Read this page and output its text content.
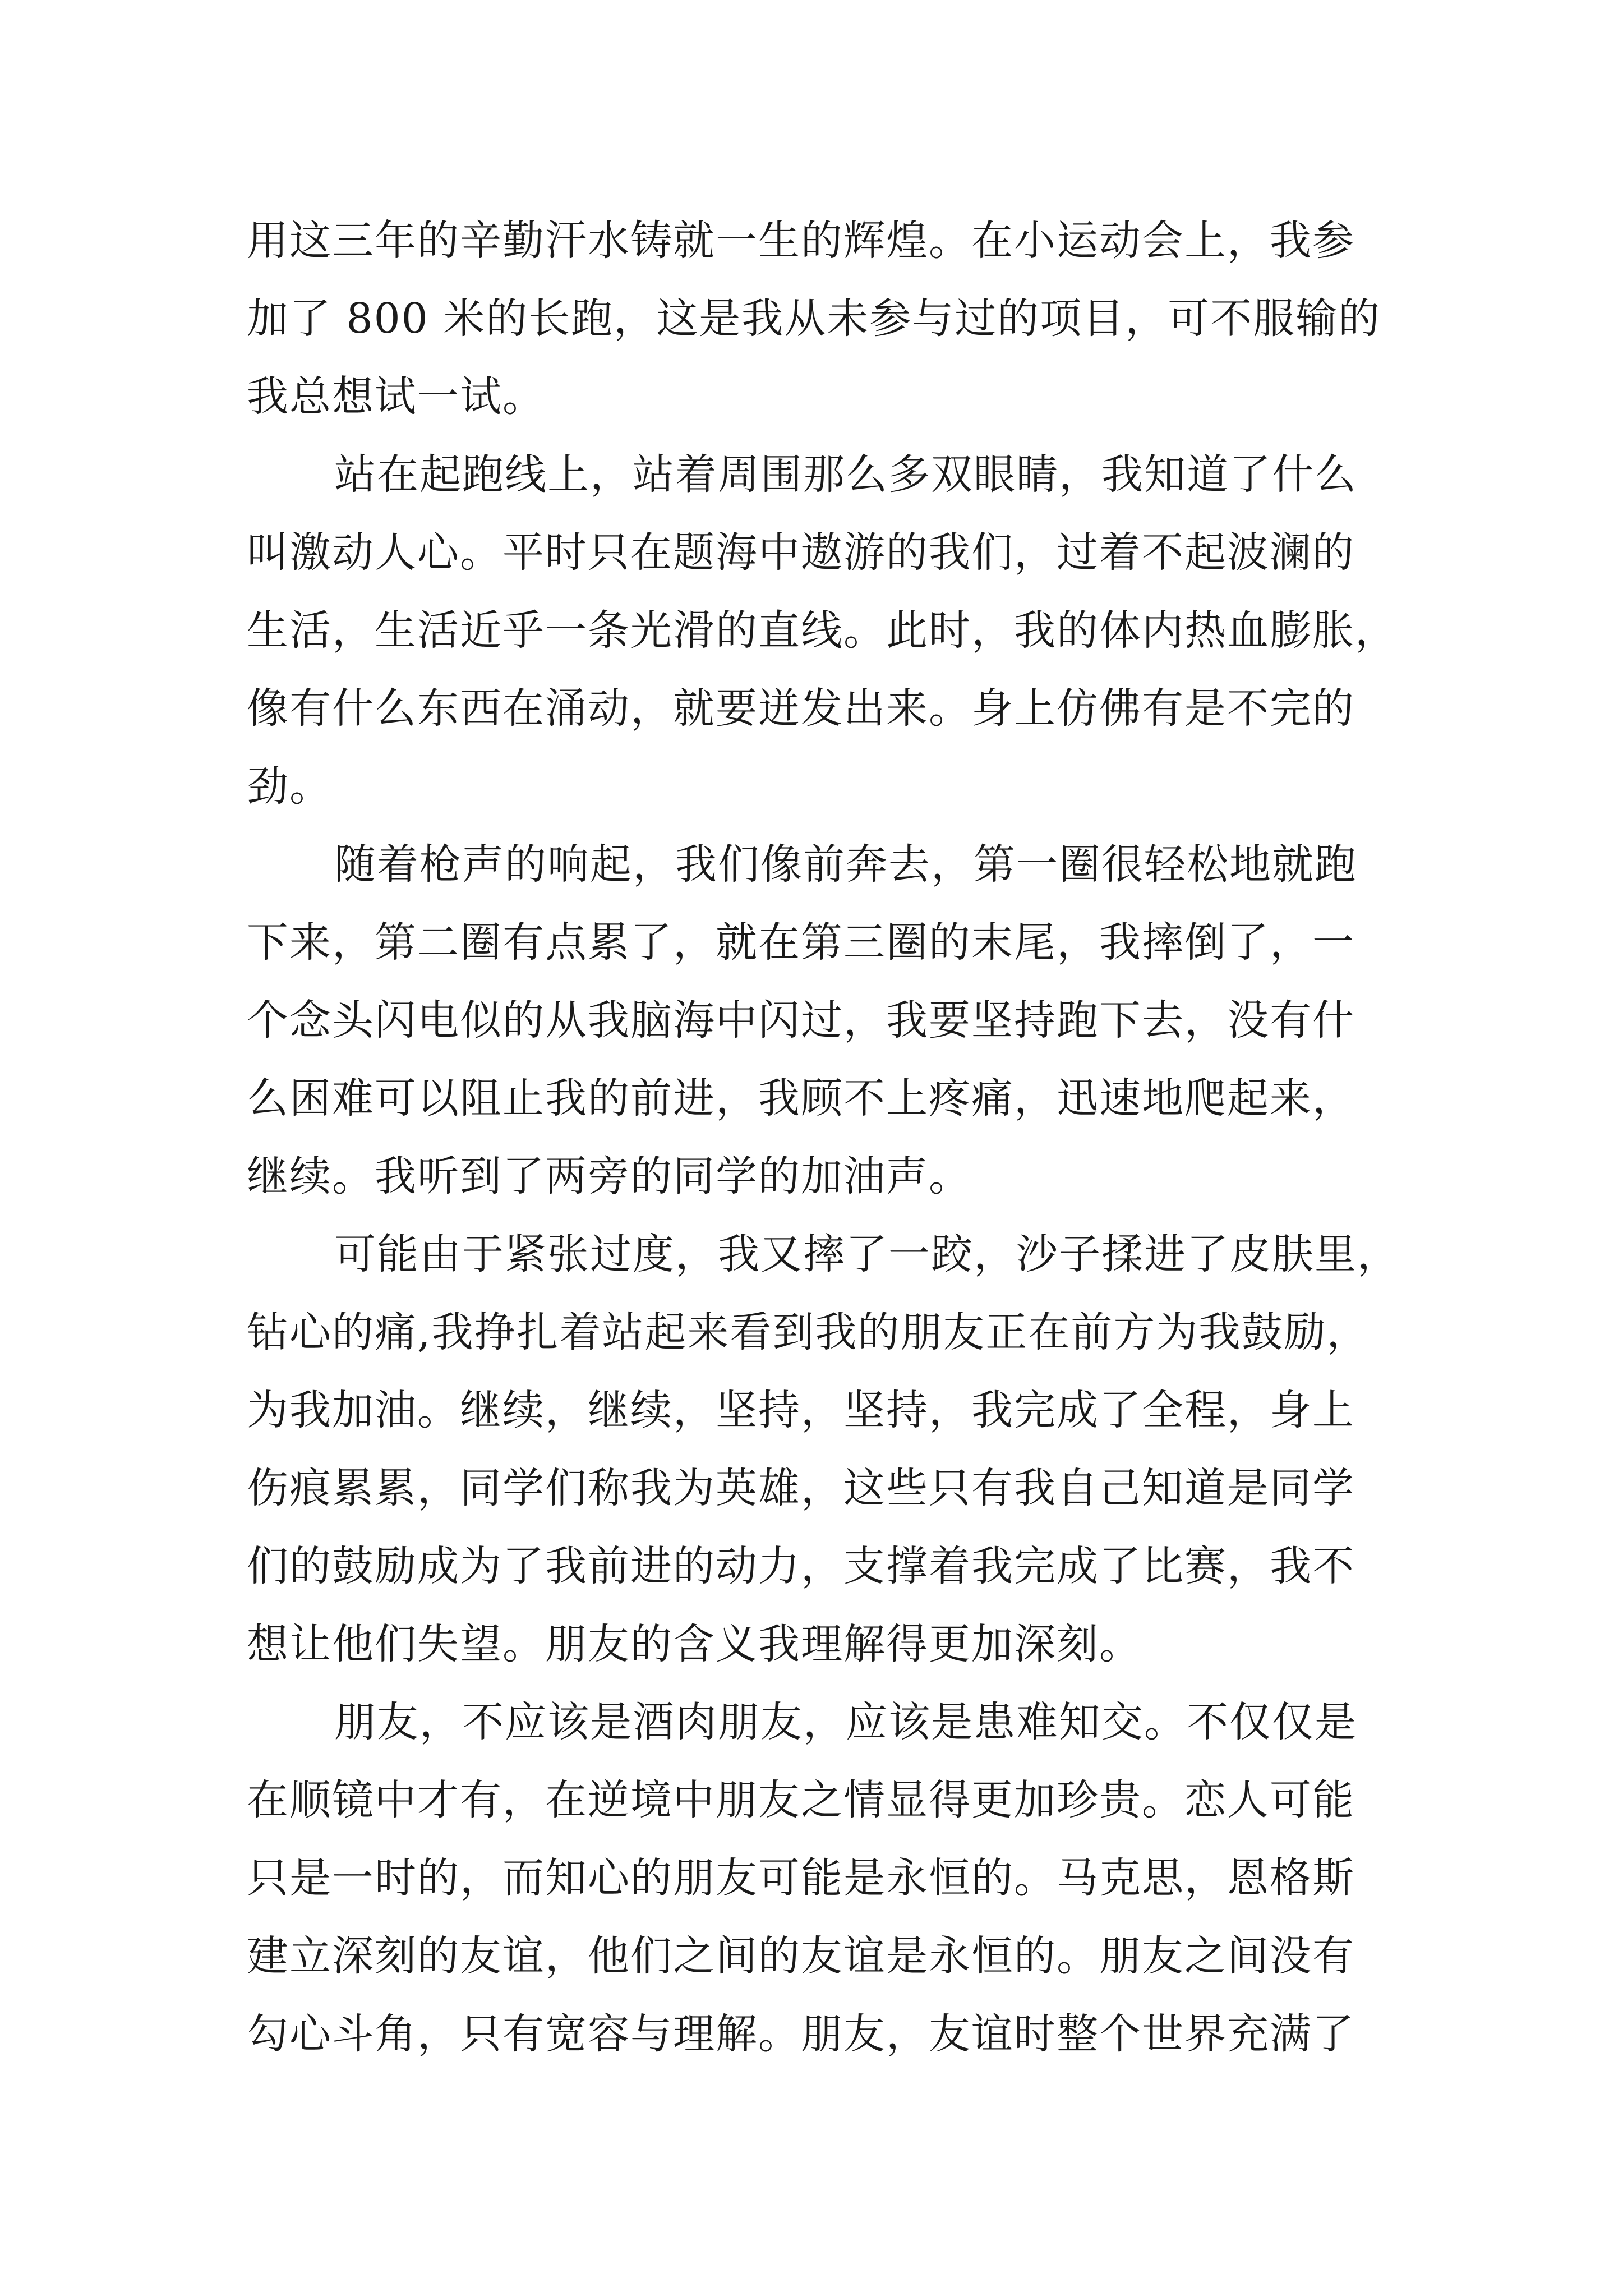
用这三年的辛勤汗水铸就一生的辉煌。在小运动会上，我参
加了 800 米的长跑，这是我从未参与过的项目，可不服输的
我总想试一试。
站在起跑线上，站着周围那么多双眼睛，我知道了什么
叫激动人心。平时只在题海中遨游的我们，过着不起波澜的
生活，生活近乎一条光滑的直线。此时，我的体内热血膨胀，
像有什么东西在涌动，就要迸发出来。身上仿佛有是不完的
劲。
随着枪声的响起，我们像前奔去，第一圈很轻松地就跑
下来，第二圈有点累了，就在第三圈的末尾，我摔倒了，一
个念头闪电似的从我脑海中闪过，我要坚持跑下去，没有什
么困难可以阻止我的前进，我顾不上疼痛，迅速地爬起来，
继续。我听到了两旁的同学的加油声。
可能由于紧张过度，我又摔了一跤，沙子揉进了皮肤里，
钻心的痛,我挣扎着站起来看到我的朋友正在前方为我鼓励，
为我加油。继续，继续，坚持，坚持，我完成了全程，身上
伤痕累累，同学们称我为英雄，这些只有我自己知道是同学
们的鼓励成为了我前进的动力，支撑着我完成了比赛，我不
想让他们失望。朋友的含义我理解得更加深刻。
朋友，不应该是酒肉朋友，应该是患难知交。不仅仅是
在顺镜中才有，在逆境中朋友之情显得更加珍贵。恋人可能
只是一时的，而知心的朋友可能是永恒的。马克思，恩格斯
建立深刻的友谊，他们之间的友谊是永恒的。朋友之间没有
勾心斗角，只有宽容与理解。朋友，友谊时整个世界充满了
